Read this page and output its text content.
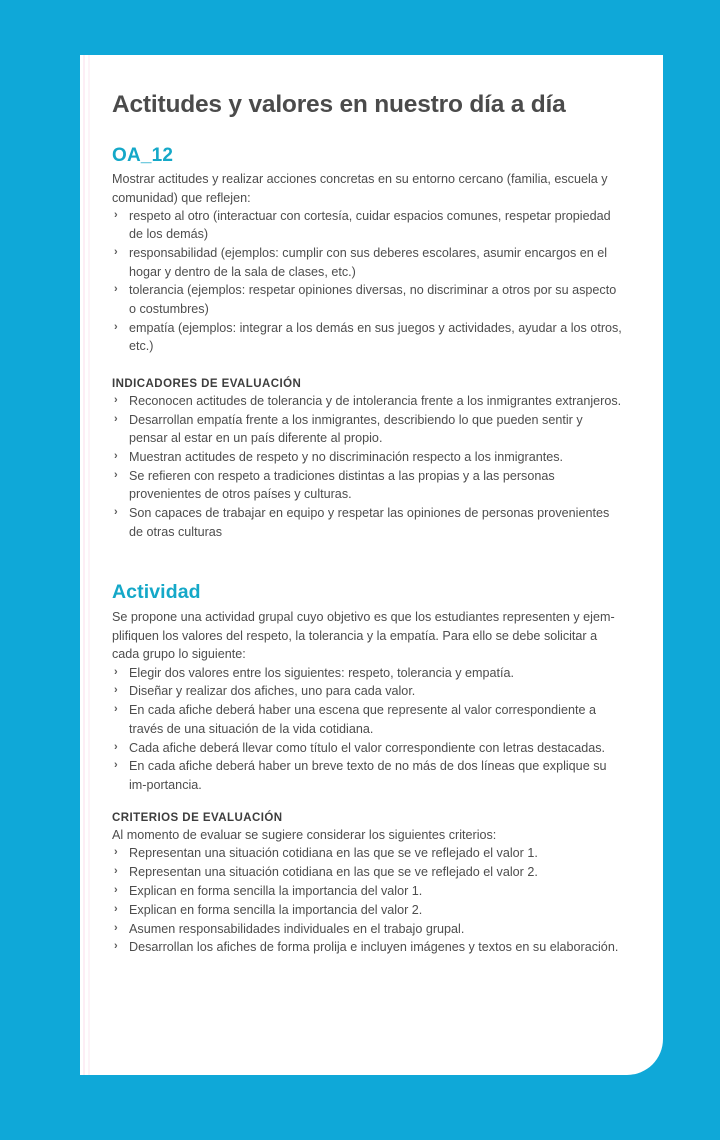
Actitudes y valores en nuestro día a día
OA_12

Mostrar actitudes y realizar acciones concretas en su entorno cercano (familia, escuela y comunidad) que reflejen:

› respeto al otro (interactuar con cortesía, cuidar espacios comunes, respetar propiedad de los demás)
› responsabilidad (ejemplos: cumplir con sus deberes escolares, asumir encargos en el hogar y dentro de la sala de clases, etc.)
› tolerancia (ejemplos: respetar opiniones diversas, no discriminar a otros por su aspecto o costumbres)
› empatía (ejemplos: integrar a los demás en sus juegos y actividades, ayudar a los otros, etc.)
INDICADORES DE EVALUACIÓN
› Reconocen actitudes de tolerancia y de intolerancia frente a los inmigrantes extranjeros.
› Desarrollan empatía frente a los inmigrantes, describiendo lo que pueden sentir y pensar al estar en un país diferente al propio.
› Muestran actitudes de respeto y no discriminación respecto a los inmigrantes.
› Se refieren con respeto a tradiciones distintas a las propias y a las personas provenientes de otros países y culturas.
› Son capaces de trabajar en equipo y respetar las opiniones de personas provenientes de otras culturas
Actividad

Se propone una actividad grupal cuyo objetivo es que los estudiantes representen y ejem-plifiquen los valores del respeto, la tolerancia y la empatía. Para ello se debe solicitar a cada grupo lo siguiente:

› Elegir dos valores entre los siguientes: respeto, tolerancia y empatía.
› Diseñar y realizar dos afiches, uno para cada valor.
› En cada afiche deberá haber una escena que represente al valor correspondiente a través de una situación de la vida cotidiana.
› Cada afiche deberá llevar como título el valor correspondiente con letras destacadas.
› En cada afiche deberá haber un breve texto de no más de dos líneas que explique su im-portancia.
CRITERIOS DE EVALUACIÓN

Al momento de evaluar se sugiere considerar los siguientes criterios:

› Representan una situación cotidiana en las que se ve reflejado el valor 1.
› Representan una situación cotidiana en las que se ve reflejado el valor 2.
› Explican en forma sencilla la importancia del valor 1.
› Explican en forma sencilla la importancia del valor 2.
› Asumen responsabilidades individuales en el trabajo grupal.
› Desarrollan los afiches de forma prolija e incluyen imágenes y textos en su elaboración.
